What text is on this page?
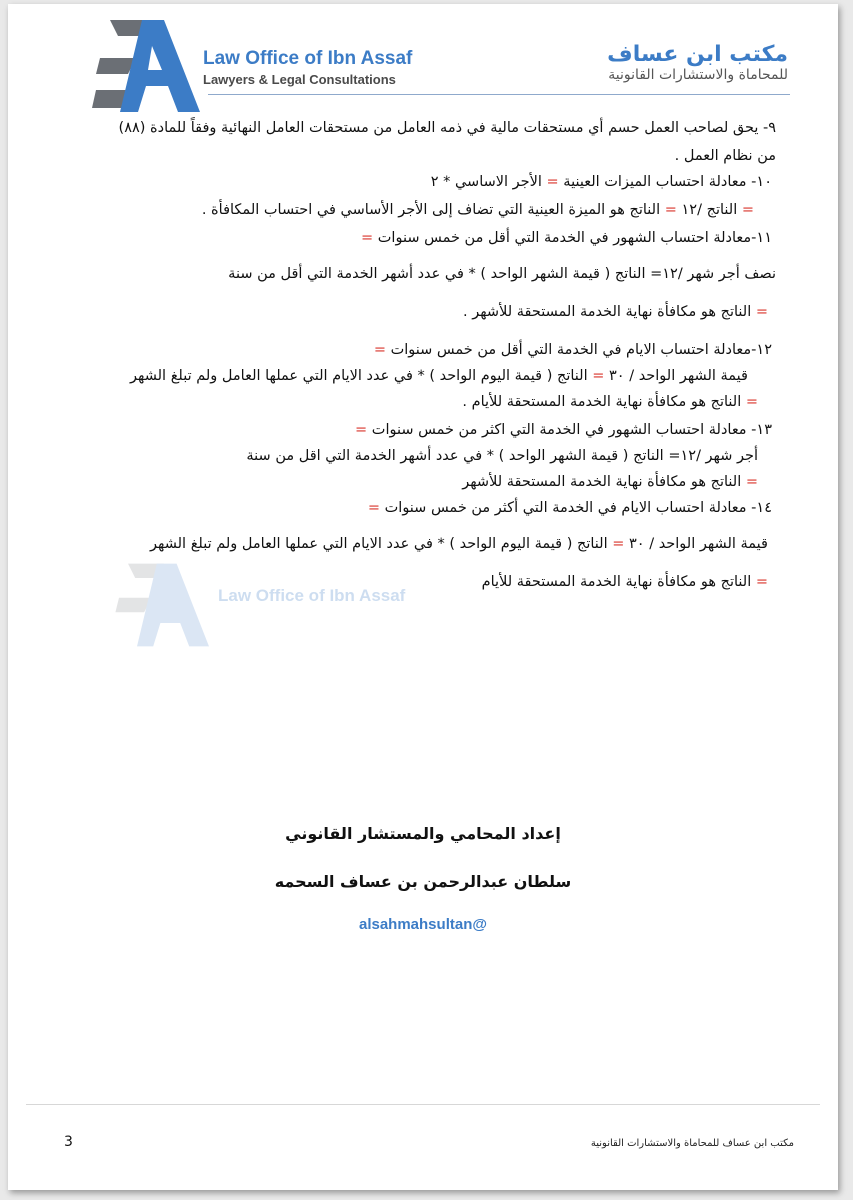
Law Office of Ibn Assaf
Lawyers & Legal Consultations
مكتب ابن عساف
للمحاماة والاستشارات القانونية
Law Office of Ibn Assaf
٩- يحق لصاحب العمل حسم أي مستحقات مالية في ذمه العامل من مستحقات العامل النهائية وفقاً للمادة (٨٨)
من نظام العمل .
١٠- معادلة احتساب الميزات العينية = الأجر الاساسي * ٢
= الناتج /١٢ = الناتج هو الميزة العينية التي تضاف إلى الأجر الأساسي في احتساب المكافأة .
١١-معادلة احتساب الشهور في الخدمة التي أقل من خمس سنوات =
نصف أجر شهر /١٢= الناتج ( قيمة الشهر الواحد ) * في عدد أشهر الخدمة التي أقل من سنة
= الناتج هو مكافأة نهاية الخدمة المستحقة للأشهر .
١٢-معادلة احتساب الايام في الخدمة التي أقل من خمس سنوات =
قيمة الشهر الواحد / ٣٠ = الناتج ( قيمة اليوم الواحد ) * في عدد الايام التي عملها العامل ولم تبلغ الشهر
= الناتج هو مكافأة نهاية الخدمة المستحقة للأيام .
١٣- معادلة احتساب الشهور في الخدمة التي اكثر من خمس سنوات =
أجر شهر /١٢= الناتج ( قيمة الشهر الواحد ) * في عدد أشهر الخدمة التي اقل من سنة
= الناتج هو مكافأة نهاية الخدمة المستحقة للأشهر
١٤- معادلة احتساب الايام في الخدمة التي أكثر من خمس سنوات =
قيمة الشهر الواحد / ٣٠ = الناتج ( قيمة اليوم الواحد ) * في عدد الايام التي عملها العامل ولم تبلغ الشهر
= الناتج هو مكافأة نهاية الخدمة المستحقة للأيام
إعداد المحامي والمستشار القانوني
سلطان عبدالرحمن بن عساف السحمه
@alsahmahsultan
3	مكتب ابن عساف للمحاماة والاستشارات القانونية
